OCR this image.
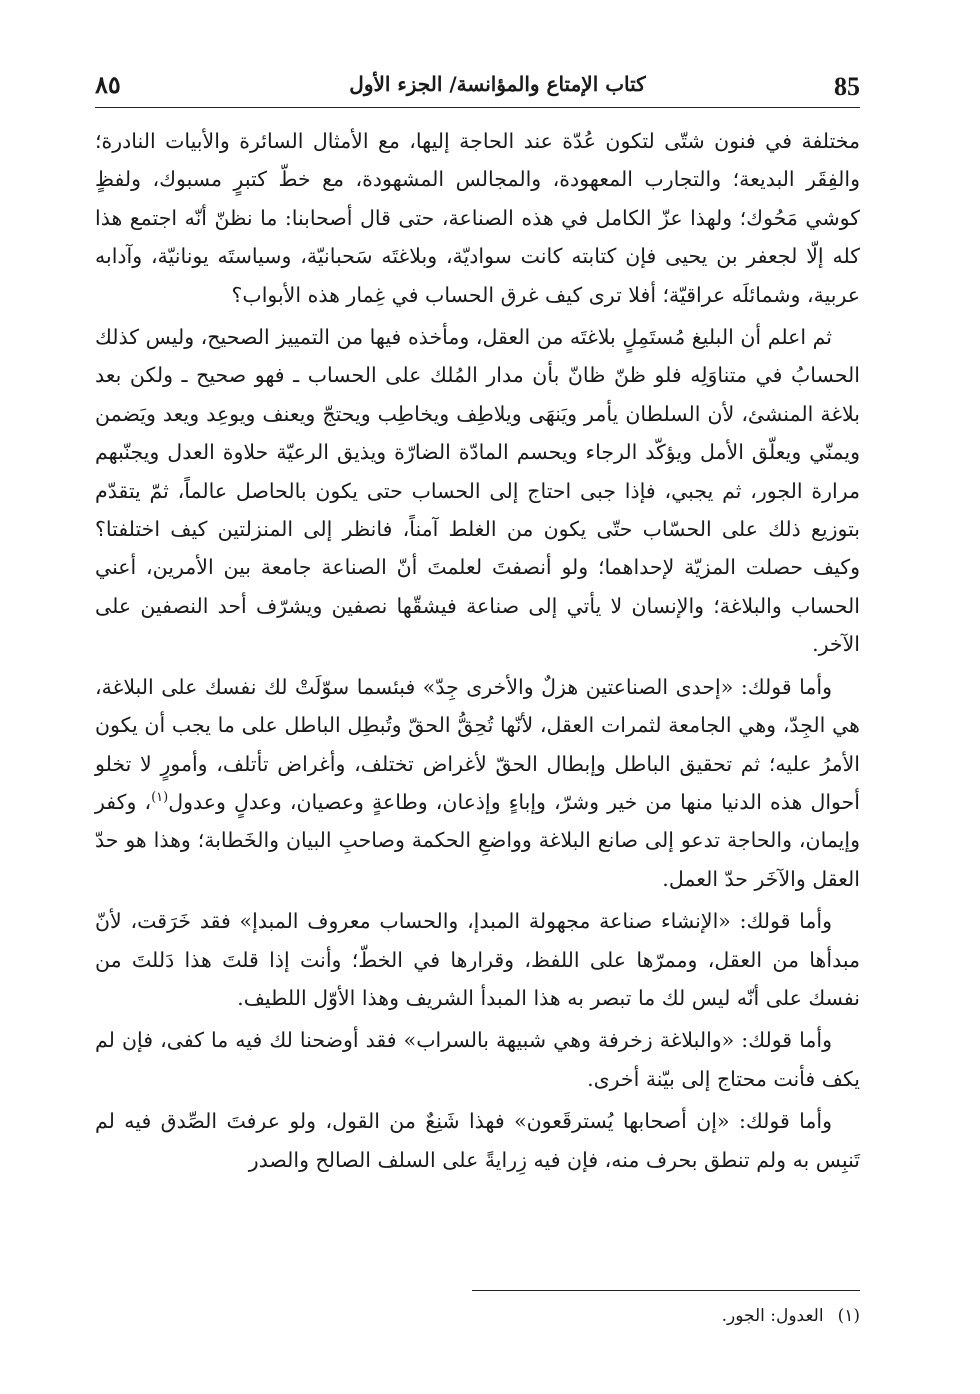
85
كتاب الإمتاع والمؤانسة/ الجزء الأول
٨٥

مختلفة في فنون شتّى لتكون عُدّة عند الحاجة إليها، مع الأمثال السائرة والأبيات النادرة؛ والفِقَر البديعة؛ والتجارب المعهودة، والمجالس المشهودة، مع خطّ كتبرٍ مسبوك، ولفظٍ كوشي مَحُوك؛ ولهذا عزّ الكامل في هذه الصناعة، حتى قال أصحابنا: ما نظنّ أنّه اجتمع هذا كله إلّا لجعفر بن يحيى فإن كتابته كانت سواديّة، وبلاغتَه سَحبانيّة، وسياستَه يونانيّة، وآدابه عربية، وشمائلَه عراقيّة؛ أفلا ترى كيف غرق الحساب في غِمار هذه الأبواب؟

ثم اعلم أن البليغ مُستَمِلٍ بلاغتَه من العقل، ومأخذه فيها من التمييز الصحيح، وليس كذلك الحسابُ في متناوَلِه فلو ظنّ ظانّ بأن مدار المُلك على الحساب ـ فهو صحيح ـ ولكن بعد بلاغة المنشئ، لأن السلطان يأمر ويَنهَى ويلاطِف ويخاطِب ويحتجّ ويعنف ويوعِد ويعد ويَضمن ويمنّي ويعلّق الأمل ويؤكّد الرجاء ويحسم المادّة الضارّة ويذيق الرعيّة حلاوة العدل ويجنّبهم مرارة الجور، ثم يجبي، فإذا جبى احتاج إلى الحساب حتى يكون بالحاصل عالماً، ثمّ يتقدّم بتوزيع ذلك على الحسّاب حتّى يكون من الغلط آمناً، فانظر إلى المنزلتين كيف اختلفتا؟ وكيف حصلت المزيّة لإحداهما؛ ولو أنصفتَ لعلمتَ أنّ الصناعة جامعة بين الأمرين، أعني الحساب والبلاغة؛ والإنسان لا يأتي إلى صناعة فيشقّها نصفين ويشرّف أحد النصفين على الآخر.

وأما قولك: «إحدى الصناعتين هزلٌ والأخرى جِدّ» فبئسما سوّلَتْ لك نفسك على البلاغة، هي الجِدّ، وهي الجامعة لثمرات العقل، لأنّها تُحِقُّ الحقّ وتُبطِل الباطل على ما يجب أن يكون الأمرُ عليه؛ ثم تحقيق الباطل وإبطال الحقّ لأغراض تختلف، وأغراض تأتلف، وأمورٍ لا تخلو أحوال هذه الدنيا منها من خير وشرّ، وإباءٍ وإذعان، وطاعةٍ وعصيان، وعدلٍ وعدول$^{(١)}$، وكفر وإيمان، والحاجة تدعو إلى صانع البلاغة وواضعِ الحكمة وصاحبِ البيان والخَطابة؛ وهذا هو حدّ العقل والآخَر حدّ العمل.

وأما قولك: «الإنشاء صناعة مجهولة المبدإ، والحساب معروف المبدإ» فقد خَرَقت، لأنّ مبدأها من العقل، وممرّها على اللفظ، وقرارها في الخطّ؛ وأنت إذا قلتَ هذا دَللتَ من نفسك على أنّه ليس لك ما تبصر به هذا المبدأ الشريف وهذا الأوّل اللطيف.

وأما قولك: «والبلاغة زخرفة وهي شبيهة بالسراب» فقد أوضحنا لك فيه ما كفى، فإن لم يكف فأنت محتاج إلى بيّنة أخرى.

وأما قولك: «إن أصحابها يُسترقَعون» فهذا شَنِعٌ من القول، ولو عرفتَ الصِّدق فيه لم تَنبِس به ولم تنطق بحرف منه، فإن فيه زِرايةً على السلف الصالح والصدر

(١)العدول: الجور.
